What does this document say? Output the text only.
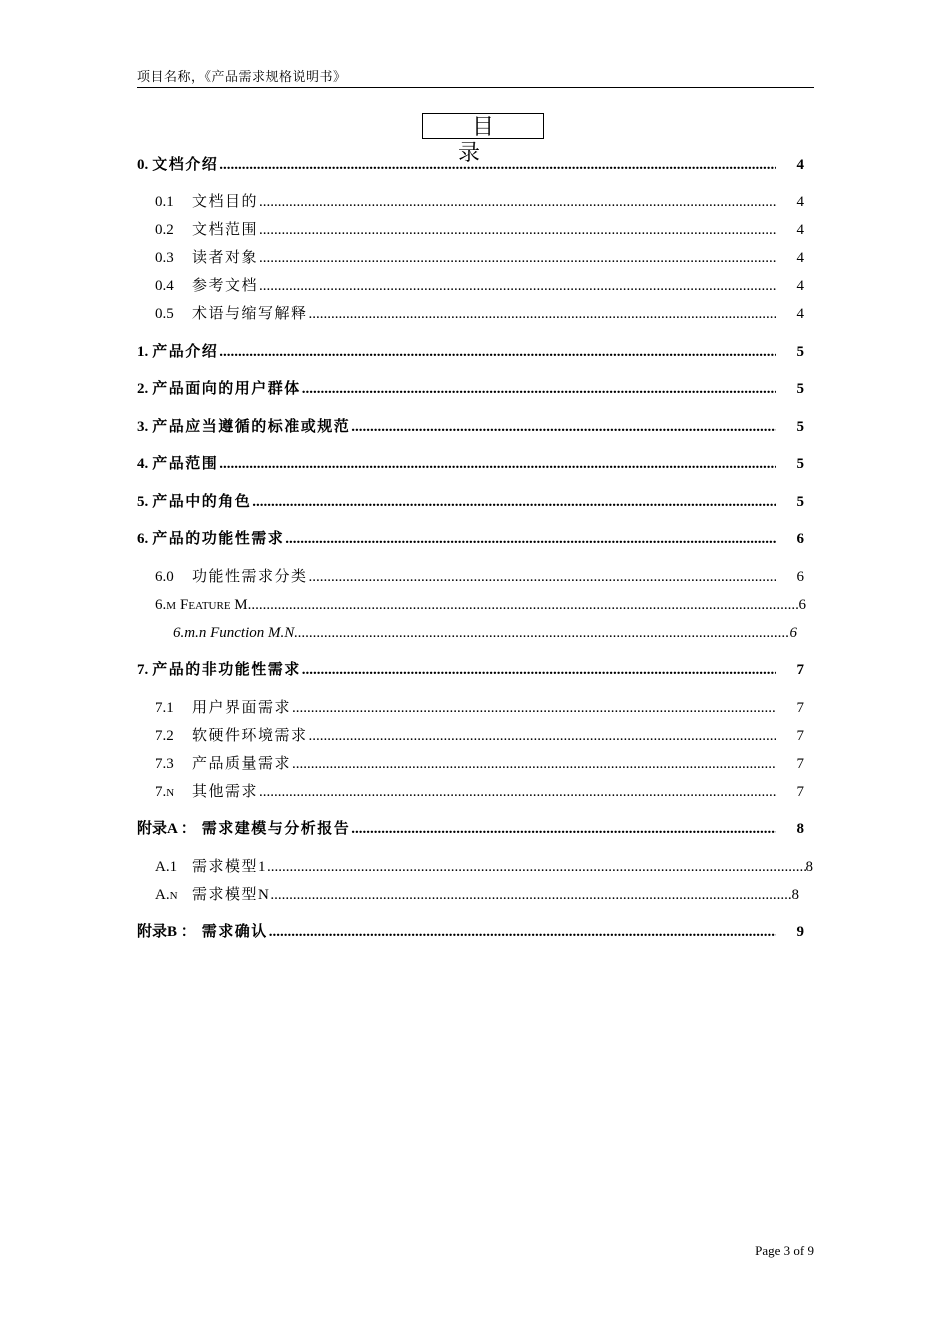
项目名称，《产品需求规格说明书》
目 录
0. 文档介绍 .....	4
0.1	文档目的 .....	4
0.2	文档范围 .....	4
0.3	读者对象 .....	4
0.4	参考文档 .....	4
0.5	术语与缩写解释 .....	4
1. 产品介绍 .....	5
2. 产品面向的用户群体 .....	5
3. 产品应当遵循的标准或规范 .....	5
4. 产品范围 .....	5
5. 产品中的角色 .....	5
6. 产品的功能性需求 .....	6
6.0	功能性需求分类 .....	6
6.m Feature M .....	6
6.m.n Function M.N .....	6
7. 产品的非功能性需求 .....	7
7.1	用户界面需求 .....	7
7.2	软硬件环境需求 .....	7
7.3	产品质量需求 .....	7
7.n	其他需求 .....	7
附录A ： 需求建模与分析报告 .....	8
A.1 需求模型1 .....	8
A.n 需求模型N .....	8
附录B ： 需求确认 .....	9
Page 3 of 9
